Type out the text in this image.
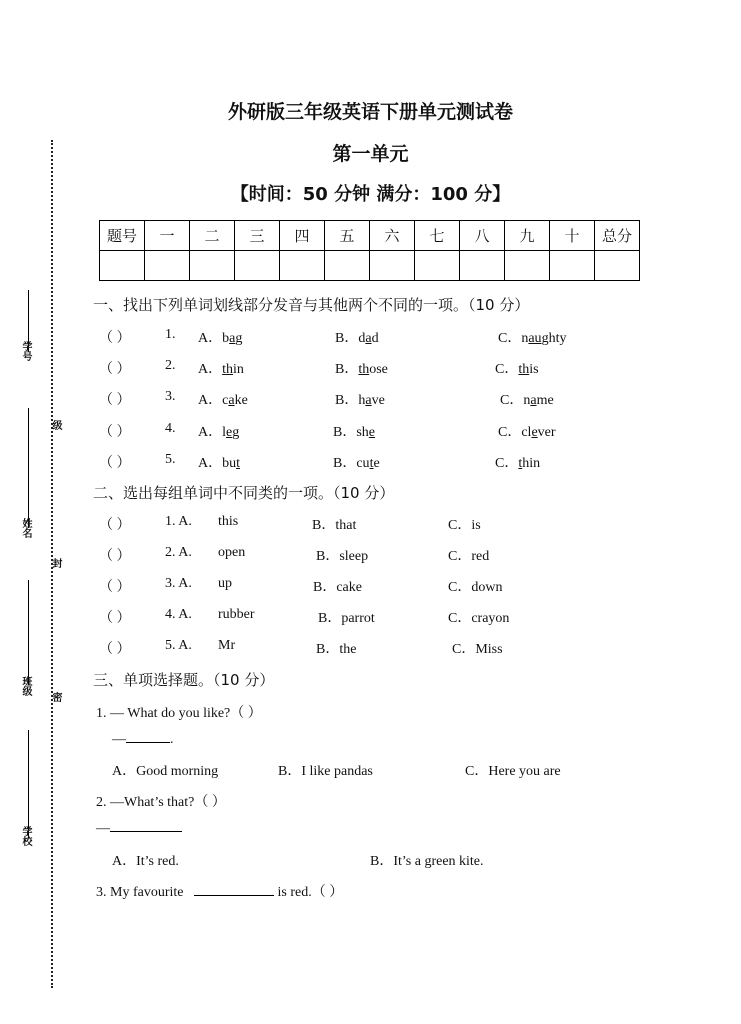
学号
级
姓名
封
班级
密
学校
外研版三年级英语下册单元测试卷
第一单元
【时间：50 分钟 满分：100 分】
题号	一	二	三	四	五	六	七	八	九	十	总分

一、找出下列单词划线部分发音与其他两个不同的一项。（10 分）
（ ） 1. A．bag	B．dad	C．naughty
（ ） 2. A．thin	B．those	C．this
（ ） 3. A．cake	B．have	C．name
（ ） 4. A．leg	B．she	C．clever
（ ） 5. A．but	B．cute	C．thin
二、选出每组单词中不同类的一项。（10 分）
（ ） 1. A. this	B．that	C．is
（ ） 2. A. open	B．sleep	C．red
（ ） 3. A. up	B．cake	C．down
（ ） 4. A. rubber	B．parrot	C．crayon
（ ） 5. A. Mr	B．the	C．Miss
三、单项选择题。（10 分）
1. — What do you like?（ ）
—	.
A．Good morning	B．I like pandas	C．Here you are
2. —What’s that?（ ）
—
A．It’s red.	B．It’s a green kite.
3. My favourite	is red.（ ）
